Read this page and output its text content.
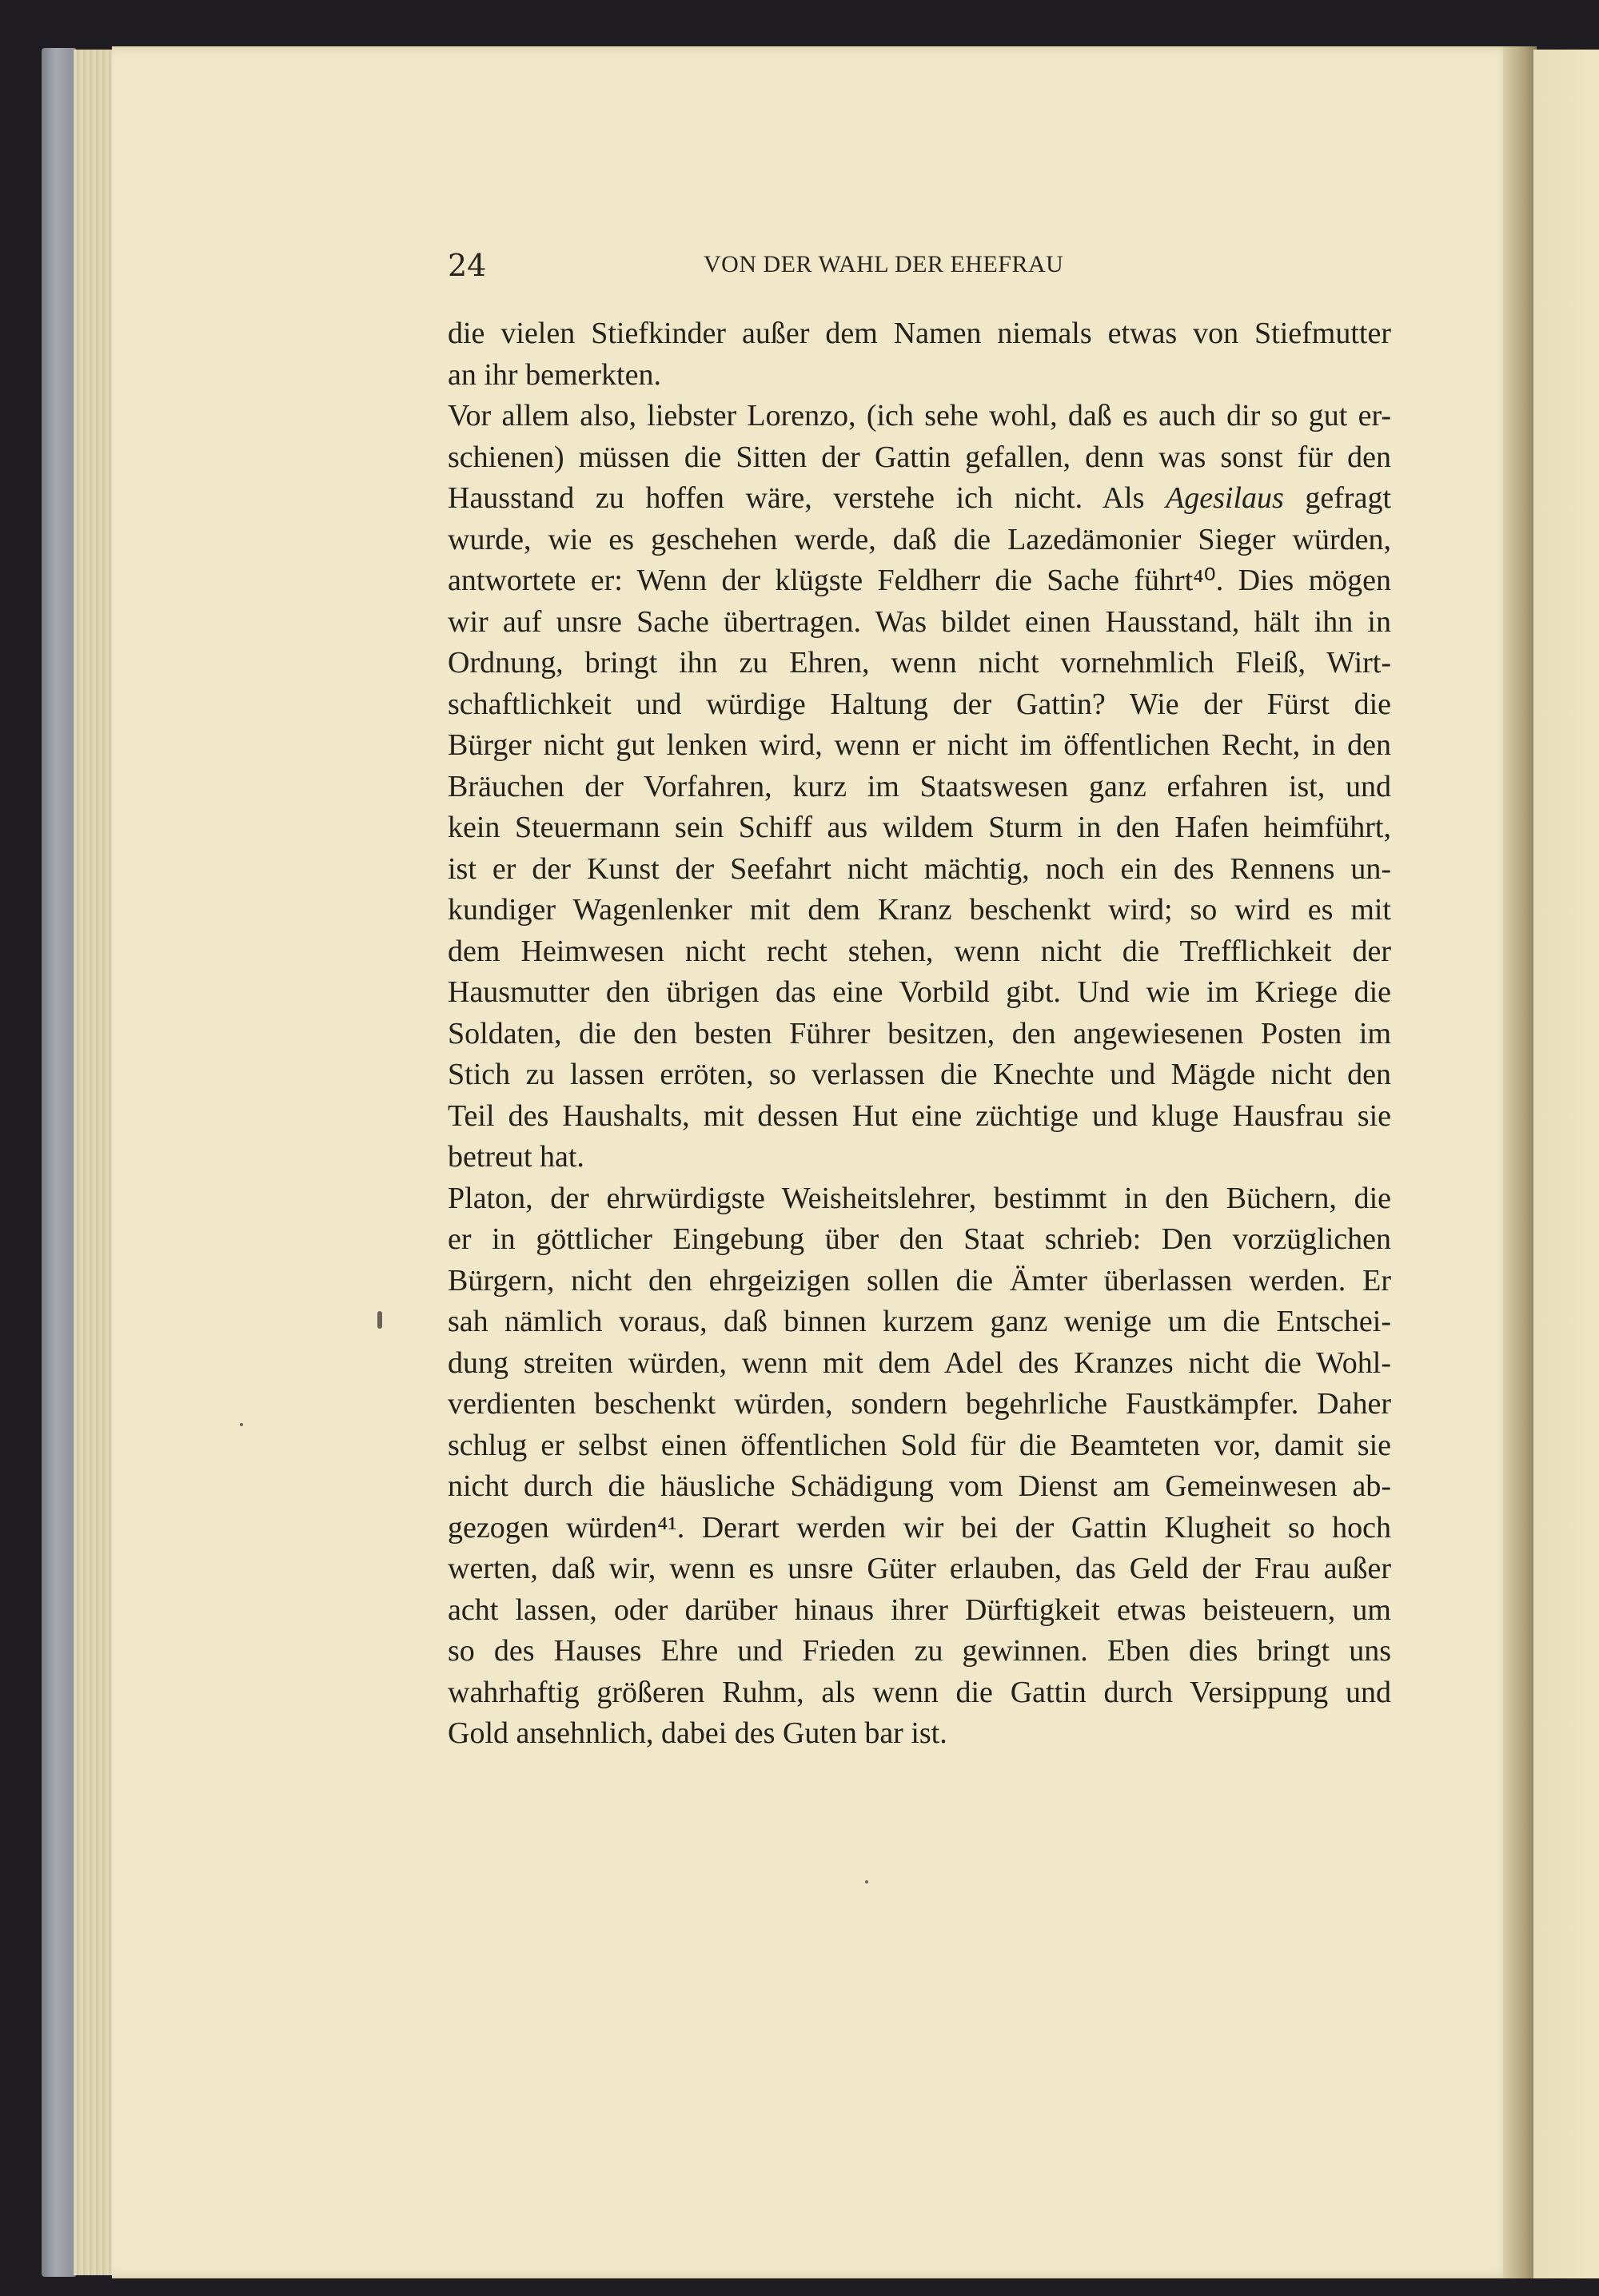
24	VON DER WAHL DER EHEFRAU
die vielen Stiefkinder außer dem Namen niemals etwas von Stiefmutter
an ihr bemerkten.
Vor allem also, liebster Lorenzo, (ich sehe wohl, daß es auch dir so gut er-
schienen) müssen die Sitten der Gattin gefallen, denn was sonst für den
Hausstand zu hoffen wäre, verstehe ich nicht. Als Agesilaus gefragt
wurde, wie es geschehen werde, daß die Lazedämonier Sieger würden,
antwortete er: Wenn der klügste Feldherr die Sache führt⁴⁰. Dies mögen
wir auf unsre Sache übertragen. Was bildet einen Hausstand, hält ihn in
Ordnung, bringt ihn zu Ehren, wenn nicht vornehmlich Fleiß, Wirt-
schaftlichkeit und würdige Haltung der Gattin? Wie der Fürst die
Bürger nicht gut lenken wird, wenn er nicht im öffentlichen Recht, in den
Bräuchen der Vorfahren, kurz im Staatswesen ganz erfahren ist, und
kein Steuermann sein Schiff aus wildem Sturm in den Hafen heimführt,
ist er der Kunst der Seefahrt nicht mächtig, noch ein des Rennens un-
kundiger Wagenlenker mit dem Kranz beschenkt wird; so wird es mit
dem Heimwesen nicht recht stehen, wenn nicht die Trefflichkeit der
Hausmutter den übrigen das eine Vorbild gibt. Und wie im Kriege die
Soldaten, die den besten Führer besitzen, den angewiesenen Posten im
Stich zu lassen erröten, so verlassen die Knechte und Mägde nicht den
Teil des Haushalts, mit dessen Hut eine züchtige und kluge Hausfrau sie
betreut hat.
Platon, der ehrwürdigste Weisheitslehrer, bestimmt in den Büchern, die
er in göttlicher Eingebung über den Staat schrieb: Den vorzüglichen
Bürgern, nicht den ehrgeizigen sollen die Ämter überlassen werden. Er
sah nämlich voraus, daß binnen kurzem ganz wenige um die Entschei-
dung streiten würden, wenn mit dem Adel des Kranzes nicht die Wohl-
verdienten beschenkt würden, sondern begehrliche Faustkämpfer. Daher
schlug er selbst einen öffentlichen Sold für die Beamteten vor, damit sie
nicht durch die häusliche Schädigung vom Dienst am Gemeinwesen ab-
gezogen würden⁴¹. Derart werden wir bei der Gattin Klugheit so hoch
werten, daß wir, wenn es unsre Güter erlauben, das Geld der Frau außer
acht lassen, oder darüber hinaus ihrer Dürftigkeit etwas beisteuern, um
so des Hauses Ehre und Frieden zu gewinnen. Eben dies bringt uns
wahrhaftig größeren Ruhm, als wenn die Gattin durch Versippung und
Gold ansehnlich, dabei des Guten bar ist.
